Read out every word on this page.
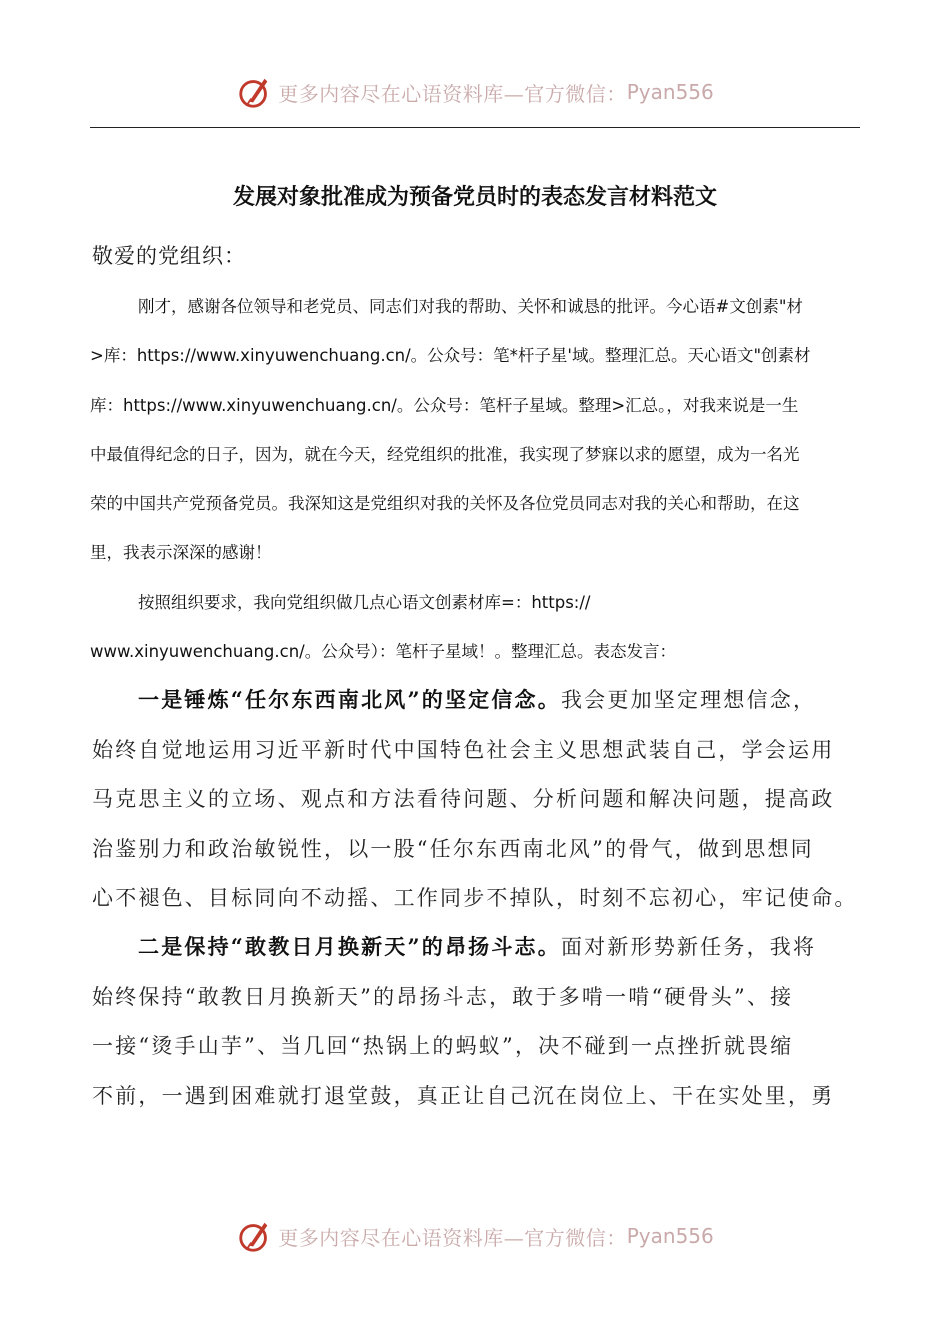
更多内容尽在心语资料库—官方微信： Pyan556
发展对象批准成为预备党员时的表态发言材料范文
敬爱的党组织：
刚才，感谢各位领导和老党员、同志们对我的帮助、关怀和诚恳的批评。今心语#文创素"材
>库：https://www.xinyuwenchuang.cn/。公众号：笔*杆子星'域。整理汇总。天心语文"创素材
库：https://www.xinyuwenchuang.cn/。公众号：笔杆子星域。整理>汇总。，对我来说是一生
中最值得纪念的日子，因为，就在今天，经党组织的批准，我实现了梦寐以求的愿望，成为一名光
荣的中国共产党预备党员。我深知这是党组织对我的关怀及各位党员同志对我的关心和帮助，在这
里，我表示深深的感谢！
按照组织要求，我向党组织做几点心语文创素材库=：https://
www.xinyuwenchuang.cn/。公众号）：笔杆子星域！。整理汇总。表态发言：
一是锤炼“任尔东西南北风”的坚定信念。我会更加坚定理想信念，
始终自觉地运用习近平新时代中国特色社会主义思想武装自己，学会运用
马克思主义的立场、观点和方法看待问题、分析问题和解决问题，提高政
治鉴别力和政治敏锐性，以一股“任尔东西南北风”的骨气，做到思想同
心不褪色、目标同向不动摇、工作同步不掉队，时刻不忘初心，牢记使命。
二是保持“敢教日月换新天”的昂扬斗志。面对新形势新任务，我将
始终保持“敢教日月换新天”的昂扬斗志，敢于多啃一啃“硬骨头”、接
一接“烫手山芋”、当几回“热锅上的蚂蚁”，决不碰到一点挫折就畏缩
不前，一遇到困难就打退堂鼓，真正让自己沉在岗位上、干在实处里，勇
更多内容尽在心语资料库—官方微信： Pyan556
